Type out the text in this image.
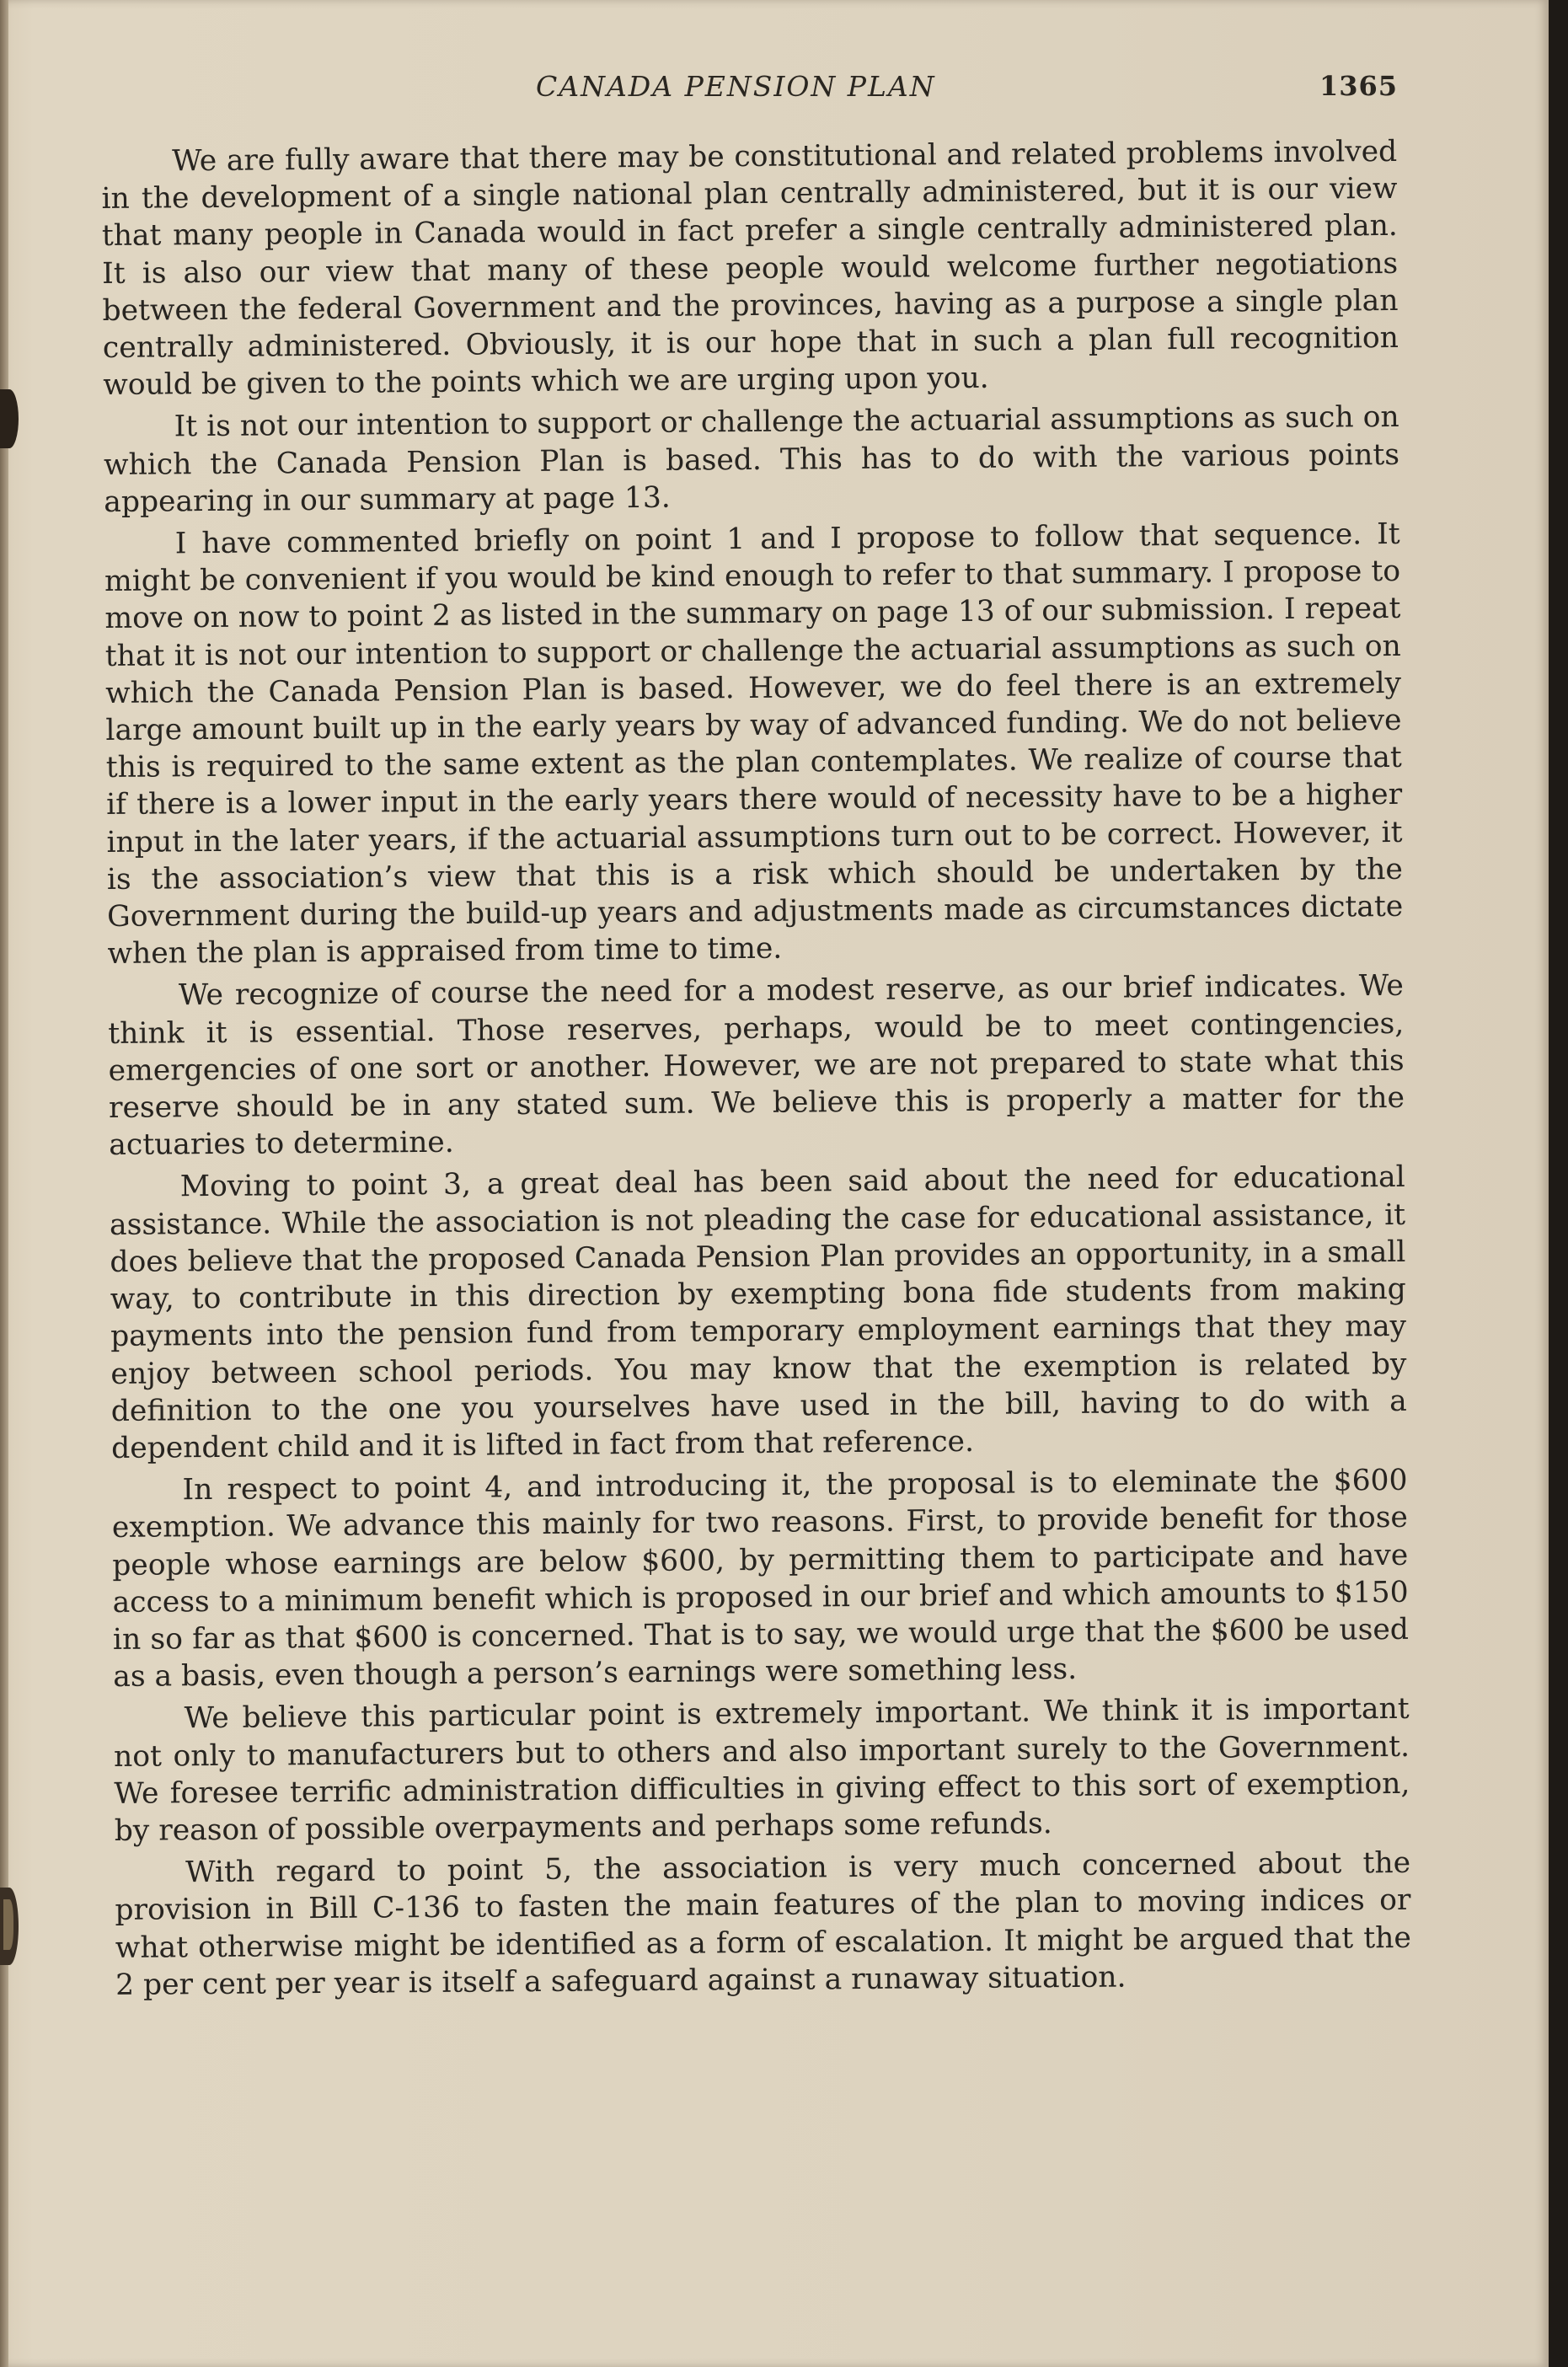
CANADA PENSION PLAN	1365

We are fully aware that there may be constitutional and related problems involved in the development of a single national plan centrally administered, but it is our view that many people in Canada would in fact prefer a single centrally administered plan. It is also our view that many of these people would welcome further negotiations between the federal Government and the provinces, having as a purpose a single plan centrally administered. Obviously, it is our hope that in such a plan full recognition would be given to the points which we are urging upon you.

It is not our intention to support or challenge the actuarial assumptions as such on which the Canada Pension Plan is based. This has to do with the various points appearing in our summary at page 13.

I have commented briefly on point 1 and I propose to follow that sequence. It might be convenient if you would be kind enough to refer to that summary. I propose to move on now to point 2 as listed in the summary on page 13 of our submission. I repeat that it is not our intention to support or challenge the actuarial assumptions as such on which the Canada Pension Plan is based. However, we do feel there is an extremely large amount built up in the early years by way of advanced funding. We do not believe this is required to the same extent as the plan contemplates. We realize of course that if there is a lower input in the early years there would of necessity have to be a higher input in the later years, if the actuarial assumptions turn out to be correct. However, it is the association’s view that this is a risk which should be undertaken by the Government during the build-up years and adjustments made as circumstances dictate when the plan is appraised from time to time.

We recognize of course the need for a modest reserve, as our brief indicates. We think it is essential. Those reserves, perhaps, would be to meet contingencies, emergencies of one sort or another. However, we are not prepared to state what this reserve should be in any stated sum. We believe this is properly a matter for the actuaries to determine.

Moving to point 3, a great deal has been said about the need for educational assistance. While the association is not pleading the case for educational assistance, it does believe that the proposed Canada Pension Plan provides an opportunity, in a small way, to contribute in this direction by exempting bona fide students from making payments into the pension fund from temporary employment earnings that they may enjoy between school periods. You may know that the exemption is related by definition to the one you yourselves have used in the bill, having to do with a dependent child and it is lifted in fact from that reference.

In respect to point 4, and introducing it, the proposal is to eleminate the $600 exemption. We advance this mainly for two reasons. First, to provide benefit for those people whose earnings are below $600, by permitting them to participate and have access to a minimum benefit which is proposed in our brief and which amounts to $150 in so far as that $600 is concerned. That is to say, we would urge that the $600 be used as a basis, even though a person’s earnings were something less.

We believe this particular point is extremely important. We think it is important not only to manufacturers but to others and also important surely to the Government. We foresee terrific administration difficulties in giving effect to this sort of exemption, by reason of possible overpayments and perhaps some refunds.

With regard to point 5, the association is very much concerned about the provision in Bill C-136 to fasten the main features of the plan to moving indices or what otherwise might be identified as a form of escalation. It might be argued that the 2 per cent per year is itself a safeguard against a runaway situation.
